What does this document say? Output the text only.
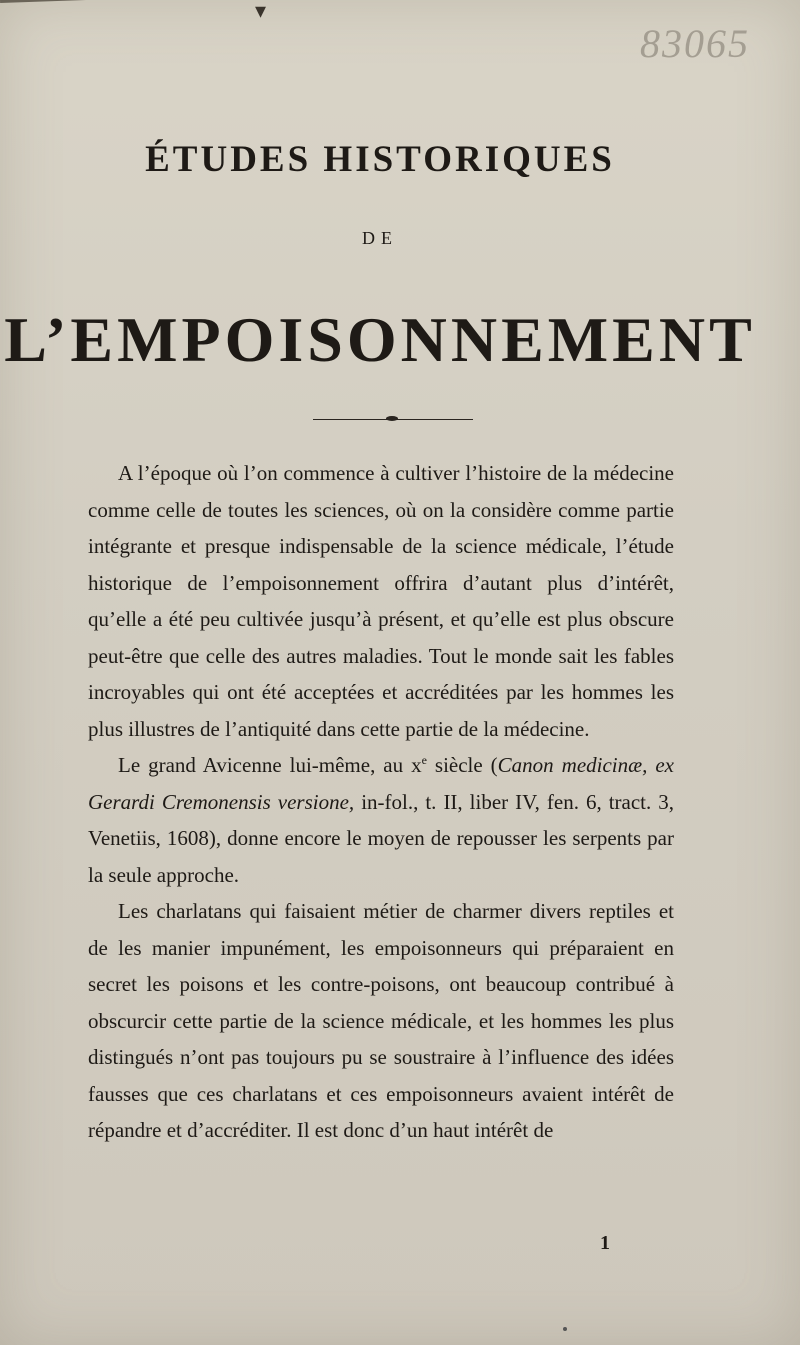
▾
83065
ÉTUDES HISTORIQUES
DE
L’EMPOISONNEMENT

A l’époque où l’on commence à cultiver l’histoire de la médecine comme celle de toutes les sciences, où on la considère comme partie intégrante et presque indispensable de la science médicale, l’étude historique de l’empoisonnement offrira d’autant plus d’intérêt, qu’elle a été peu cultivée jusqu’à présent, et qu’elle est plus obscure peut-être que celle des autres maladies. Tout le monde sait les fables incroyables qui ont été acceptées et accréditées par les hommes les plus illustres de l’antiquité dans cette partie de la médecine.

Le grand Avicenne lui-même, au $x^e$ siècle (Canon medicinæ, ex Gerardi Cremonensis versione, in-fol., t. II, liber IV, fen. 6, tract. 3, Venetiis, 1608), donne encore le moyen de repousser les serpents par la seule approche.

Les charlatans qui faisaient métier de charmer divers reptiles et de les manier impunément, les empoisonneurs qui préparaient en secret les poisons et les contre-poisons, ont beaucoup contribué à obscurcir cette partie de la science médicale, et les hommes les plus distingués n’ont pas toujours pu se soustraire à l’influence des idées fausses que ces charlatans et ces empoisonneurs avaient intérêt de répandre et d’accréditer. Il est donc d’un haut intérêt de

1
